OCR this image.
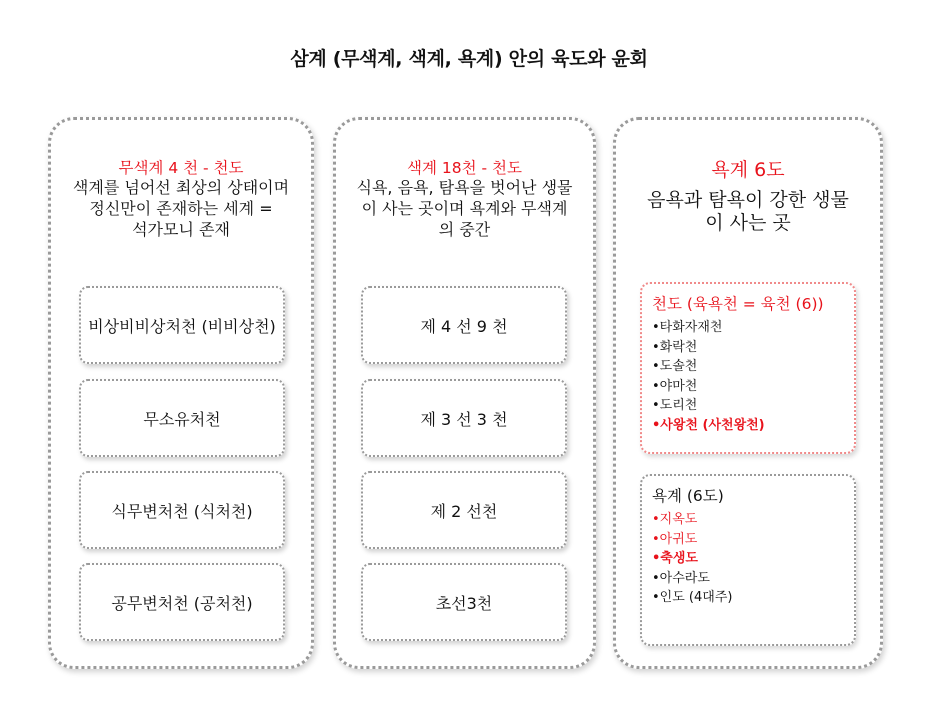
삼계 (무색계, 색계, 욕계) 안의 육도와 윤회
무색계 4 천 - 천도
색계를 넘어선 최상의 상태이며
정신만이 존재하는 세계 =
석가모니 존재
비상비비상처천 (비비상천)
무소유처천
식무변처천 (식처천)
공무변처천 (공처천)
색계 18천 - 천도
식욕, 음욕, 탐욕을 벗어난 생물
이 사는 곳이며 욕계와 무색계
의 중간
제 4 선 9 천
제 3 선 3 천
제 2 선천
초선3천
욕계 6도
음욕과 탐욕이 강한 생물
이 사는 곳
천도 (육욕천 = 육천 (6))
•타화자재천
•화락천
•도솔천
•야마천
•도리천
•사왕천 (사천왕천)
욕계 (6도)
•지옥도
•아귀도
•축생도
•아수라도
•인도 (4대주)
